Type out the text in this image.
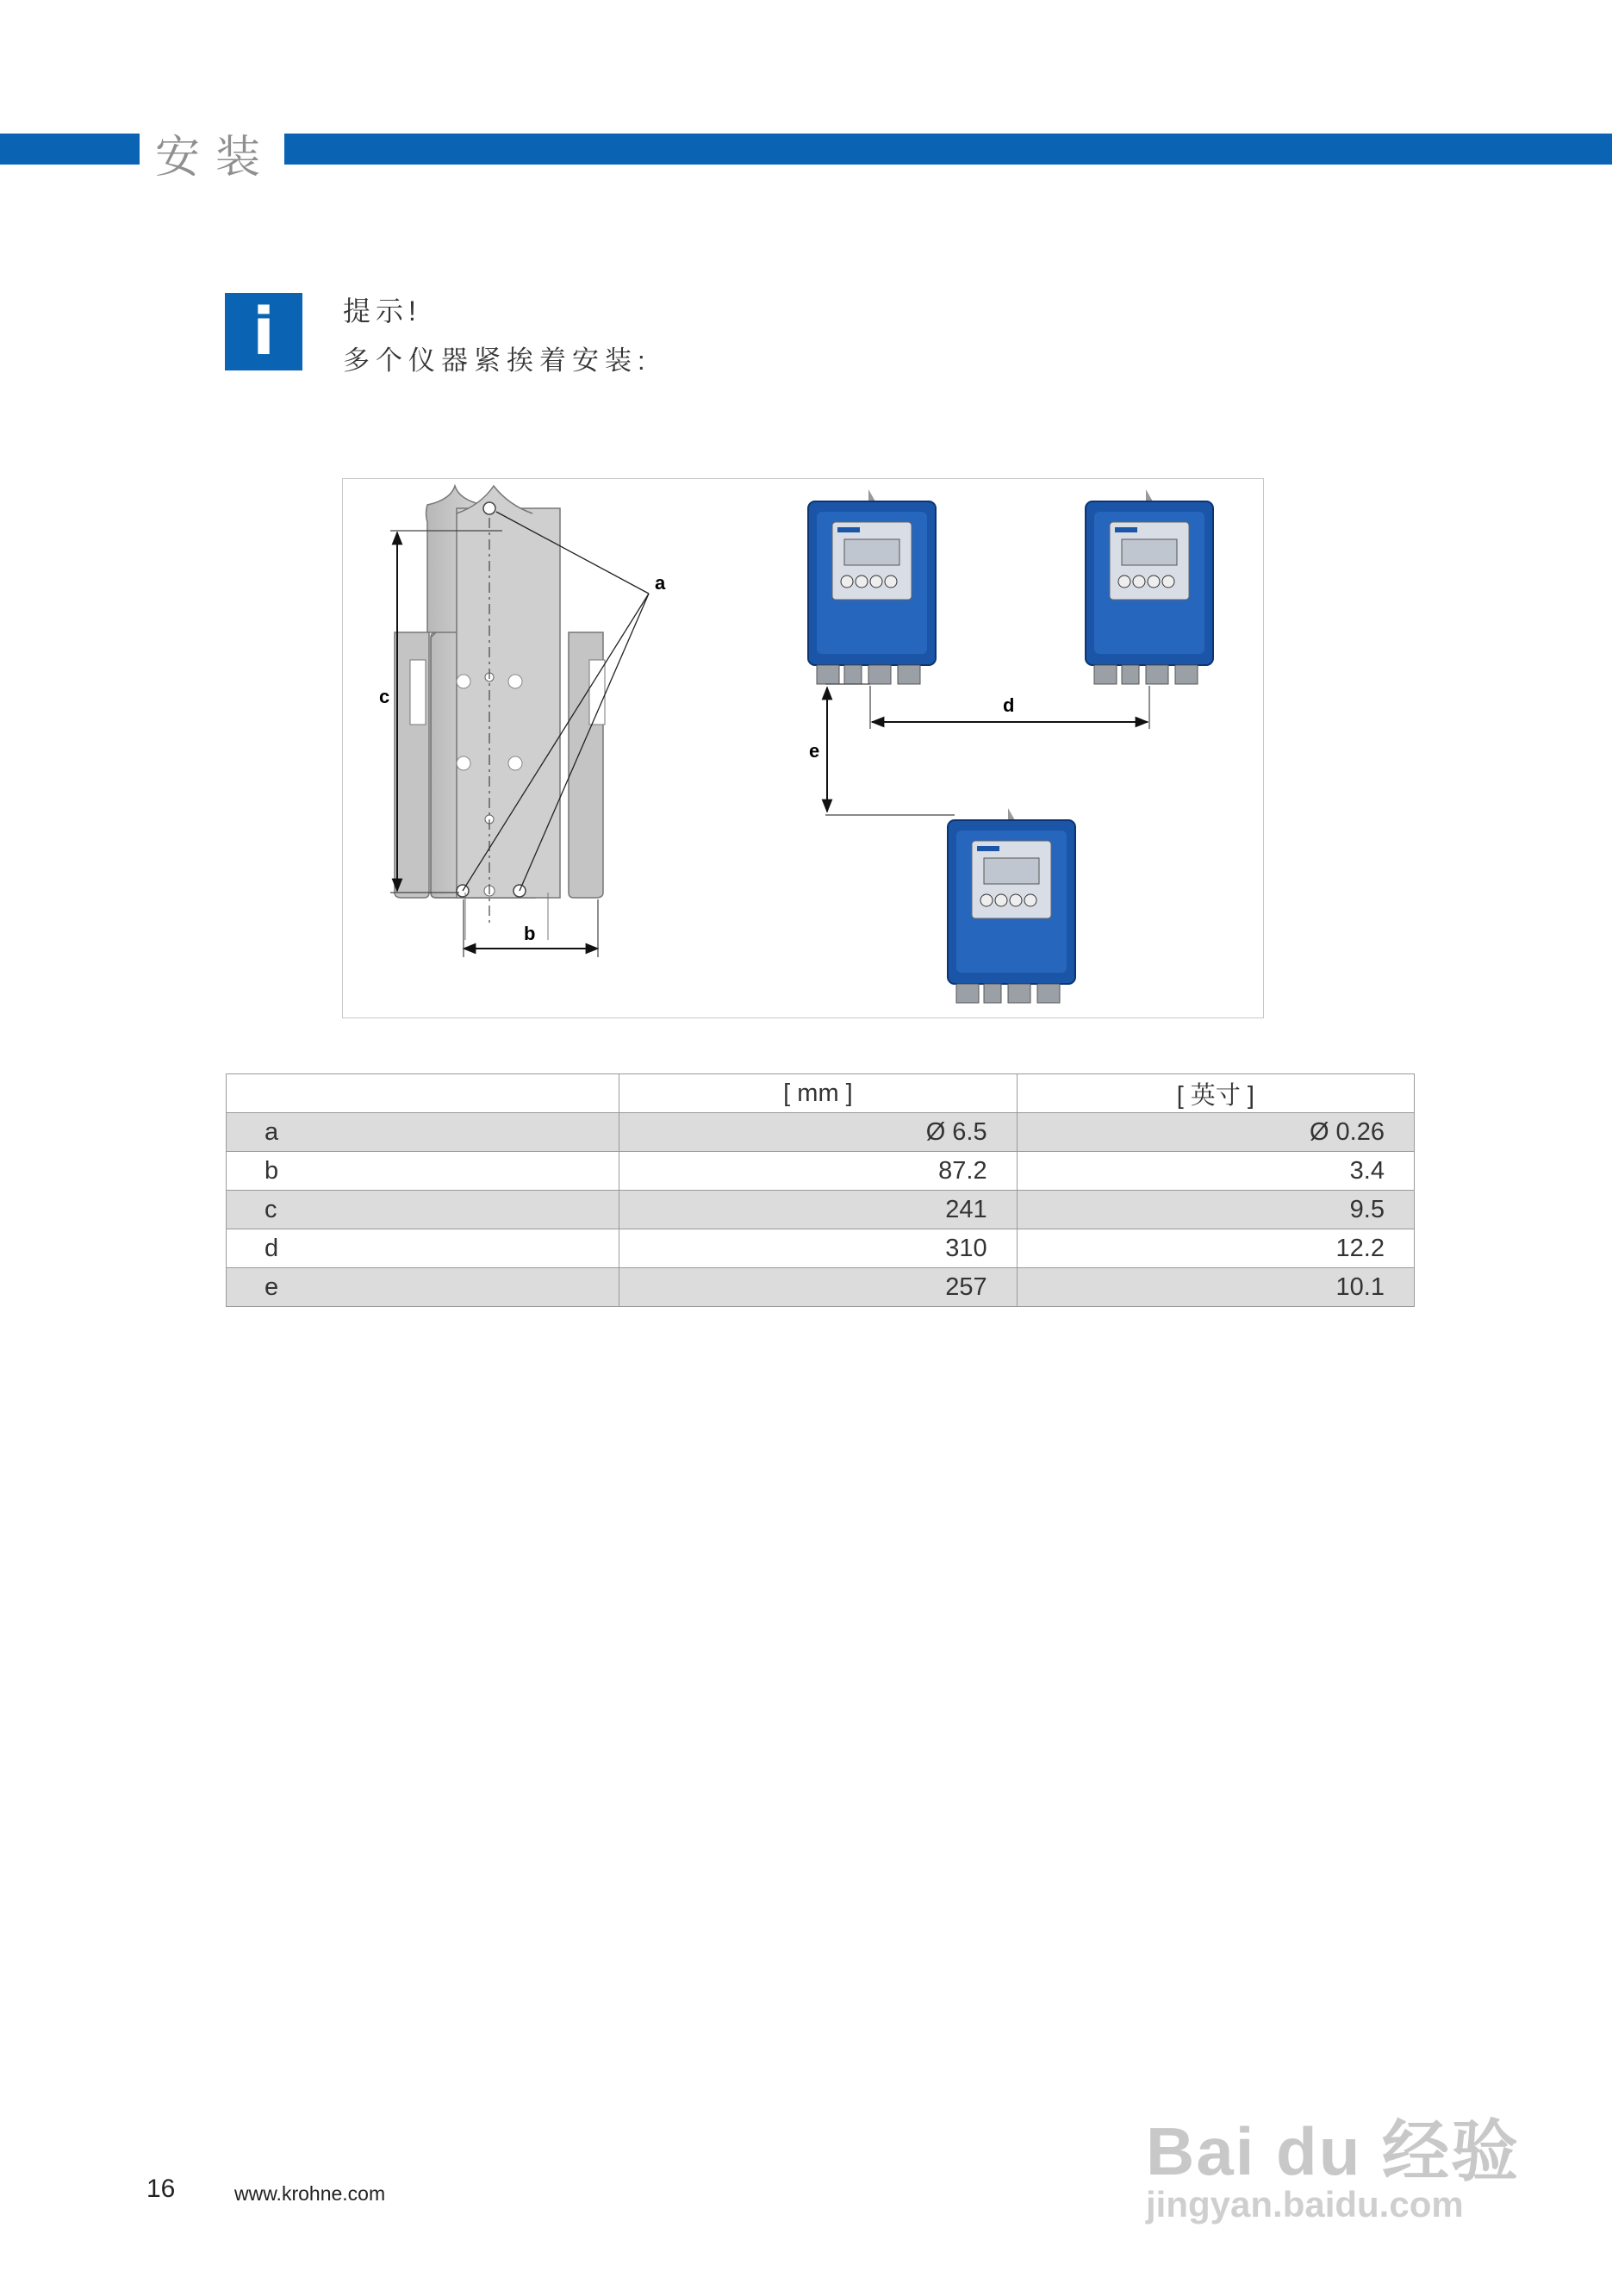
安装
IFC 100
i	提示!
多个仪器紧挨着安装:
c
b
a
d
e
	[ mm ]	[ 英寸 ]
a	Ø 6.5	Ø 0.26
b	87.2	3.4
c	241	9.5
d	310	12.2
e	257	10.1
16	www.krohne.com
Bai du 经验
jingyan.baidu.com
